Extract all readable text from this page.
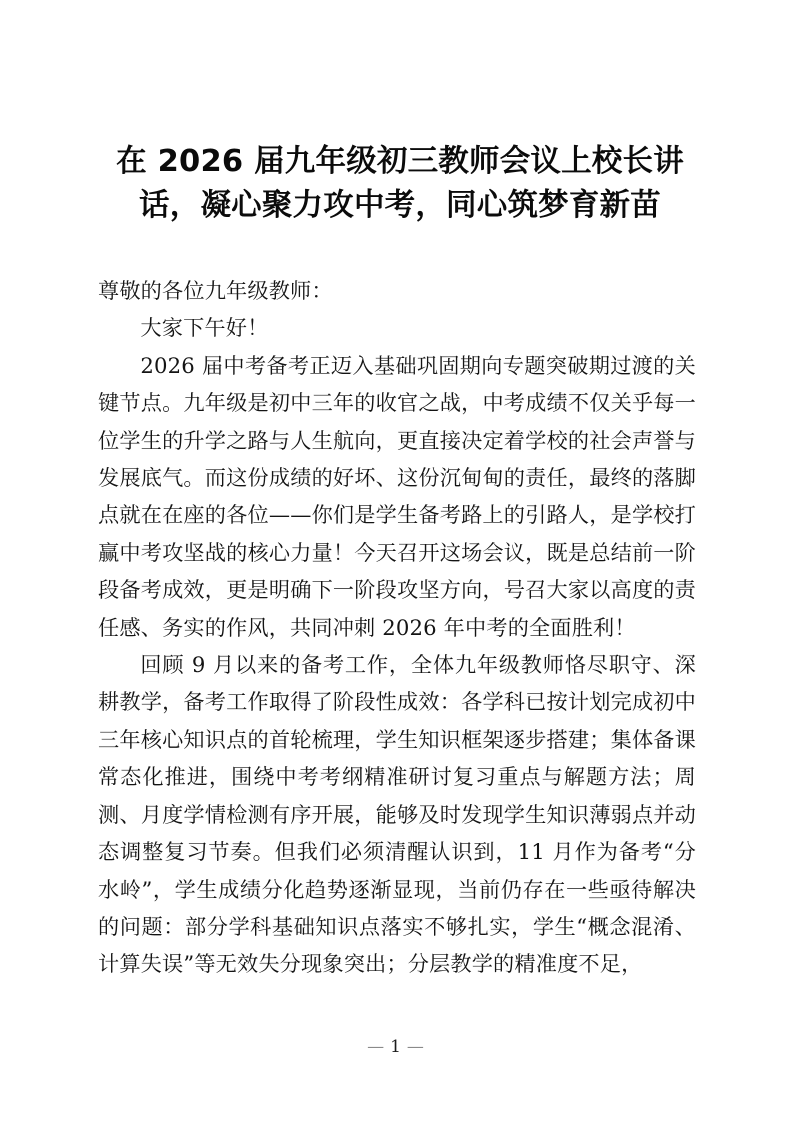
在 2026 届九年级初三教师会议上校长讲
话，凝心聚力攻中考，同心筑梦育新苗

尊敬的各位九年级教师：

大家下午好！

2026 届中考备考正迈入基础巩固期向专题突破期过渡的关键节点。九年级是初中三年的收官之战，中考成绩不仅关乎每一位学生的升学之路与人生航向，更直接决定着学校的社会声誉与发展底气。而这份成绩的好坏、这份沉甸甸的责任，最终的落脚点就在在座的各位——你们是学生备考路上的引路人，是学校打赢中考攻坚战的核心力量！今天召开这场会议，既是总结前一阶段备考成效，更是明确下一阶段攻坚方向，号召大家以高度的责任感、务实的作风，共同冲刺 2026 年中考的全面胜利！

回顾 9 月以来的备考工作，全体九年级教师恪尽职守、深耕教学，备考工作取得了阶段性成效：各学科已按计划完成初中三年核心知识点的首轮梳理，学生知识框架逐步搭建；集体备课常态化推进，围绕中考考纲精准研讨复习重点与解题方法；周测、月度学情检测有序开展，能够及时发现学生知识薄弱点并动态调整复习节奏。但我们必须清醒认识到，11 月作为备考“分水岭”，学生成绩分化趋势逐渐显现，当前仍存在一些亟待解决的问题：部分学科基础知识点落实不够扎实，学生“概念混淆、计算失误”等无效失分现象突出；分层教学的精准度不足，

— 1 —
